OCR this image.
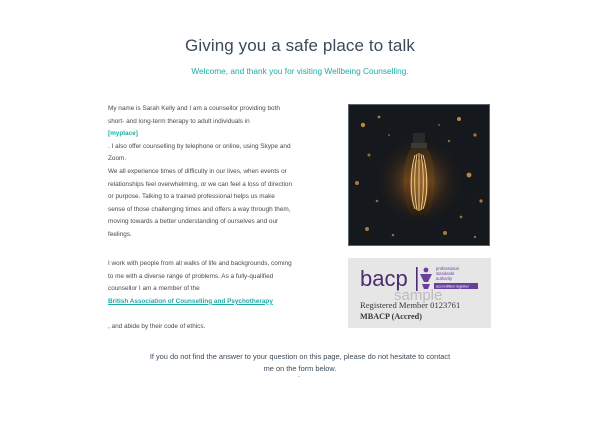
Giving you a safe place to talk
Welcome, and thank you for visiting Wellbeing Counselling.
My name is Sarah Kelly and I am a counsellor providing both
short- and long-term therapy to adult individuals in
[myplace]
. I also offer counselling by telephone or online, using Skype and
Zoom.
We all experience times of difficulty in our lives, when events or
relationships feel overwhelming, or we can feel a loss of direction
or purpose. Talking to a trained professional helps us make
sense of those challenging times and offers a way through them,
moving towards a better understanding of ourselves and our
feelings.
I work with people from all walks of life and backgrounds, coming
to me with a diverse range of problems. As a fully-qualified
counsellor I am a member of the
British Association of Counselling and Psychotherapy
, and abide by their code of ethics.
bacp	professional
standards
authority
accredited register
sample
Registered Member 0123761
MBACP (Accred)
If you do not find the answer to your question on this page, please do not hesitate to contact
me on the form below.
.
